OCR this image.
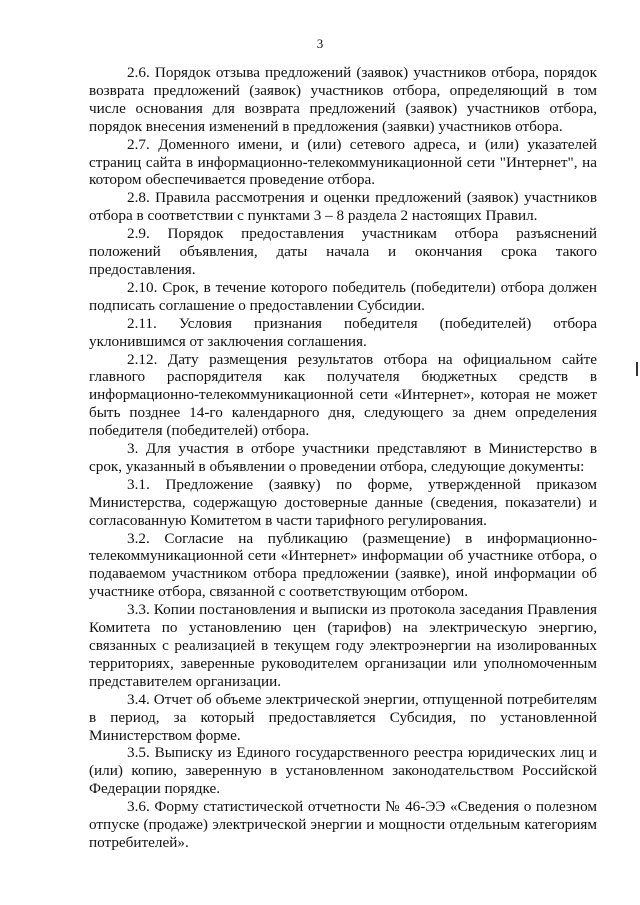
3

2.6. Порядок отзыва предложений (заявок) участников отбора, порядок возврата предложений (заявок) участников отбора, определяющий в том числе основания для возврата предложений (заявок) участников отбора, порядок внесения изменений в предложения (заявки) участников отбора.

2.7. Доменного имени, и (или) сетевого адреса, и (или) указателей страниц сайта в информационно-телекоммуникационной сети "Интернет", на котором обеспечивается проведение отбора.

2.8. Правила рассмотрения и оценки предложений (заявок) участников отбора в соответствии с пунктами 3 – 8 раздела 2 настоящих Правил.

2.9. Порядок предоставления участникам отбора разъяснений положений объявления, даты начала и окончания срока такого предоставления.

2.10. Срок, в течение которого победитель (победители) отбора должен подписать соглашение о предоставлении Субсидии.

2.11. Условия признания победителя (победителей) отбора уклонившимся от заключения соглашения.

2.12. Дату размещения результатов отбора на официальном сайте главного распорядителя как получателя бюджетных средств в информационно-телекоммуникационной сети «Интернет», которая не может быть позднее 14-го календарного дня, следующего за днем определения победителя (победителей) отбора.

3. Для участия в отборе участники представляют в Министерство в срок, указанный в объявлении о проведении отбора, следующие документы:

3.1. Предложение (заявку) по форме, утвержденной приказом Министерства, содержащую достоверные данные (сведения, показатели) и согласованную Комитетом в части тарифного регулирования.

3.2. Согласие на публикацию (размещение) в информационно-телекоммуникационной сети «Интернет» информации об участнике отбора, о подаваемом участником отбора предложении (заявке), иной информации об участнике отбора, связанной с соответствующим отбором.

3.3. Копии постановления и выписки из протокола заседания Правления Комитета по установлению цен (тарифов) на электрическую энергию, связанных с реализацией в текущем году электроэнергии на изолированных территориях, заверенные руководителем организации или уполномоченным представителем организации.

3.4. Отчет об объеме электрической энергии, отпущенной потребителям в период, за который предоставляется Субсидия, по установленной Министерством форме.

3.5. Выписку из Единого государственного реестра юридических лиц и (или) копию, заверенную в установленном законодательством Российской Федерации порядке.

3.6. Форму статистической отчетности № 46-ЭЭ «Сведения о полезном отпуске (продаже) электрической энергии и мощности отдельным категориям потребителей».
